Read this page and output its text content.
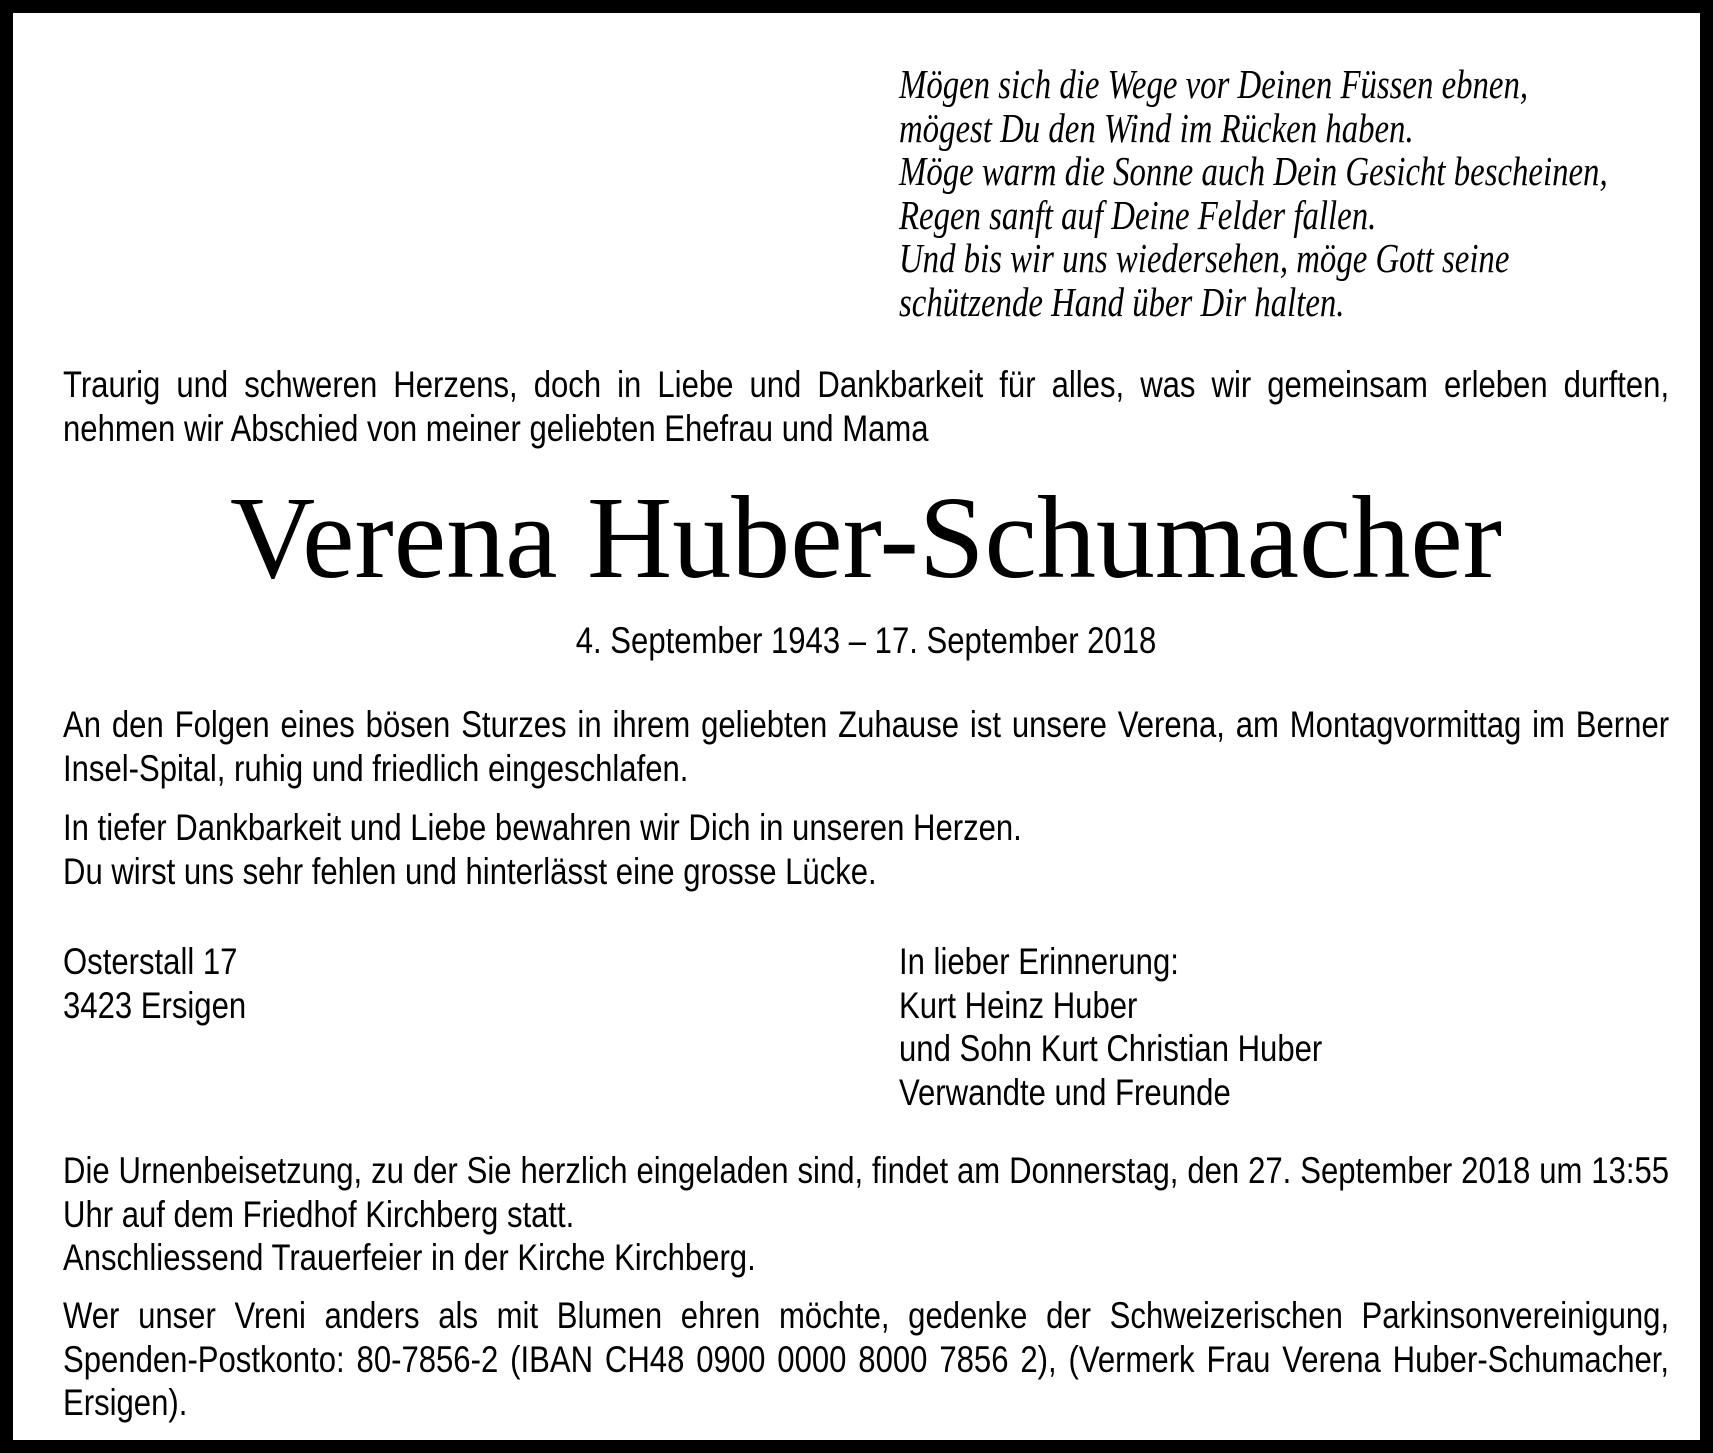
Mögen sich die Wege vor Deinen Füssen ebnen,
mögest Du den Wind im Rücken haben.
Möge warm die Sonne auch Dein Gesicht bescheinen,
Regen sanft auf Deine Felder fallen.
Und bis wir uns wiedersehen, möge Gott seine
schützende Hand über Dir halten.
Traurig und schweren Herzens, doch in Liebe und Dankbarkeit für alles, was wir gemeinsam erleben durften, nehmen wir Abschied von meiner geliebten Ehefrau und Mama
Verena Huber-Schumacher
4. September 1943 – 17. September 2018
An den Folgen eines bösen Sturzes in ihrem geliebten Zuhause ist unsere Verena, am Montagvormittag im Berner Insel-Spital, ruhig und friedlich eingeschlafen.
In tiefer Dankbarkeit und Liebe bewahren wir Dich in unseren Herzen.
Du wirst uns sehr fehlen und hinterlässt eine grosse Lücke.
Osterstall 17
3423 Ersigen
In lieber Erinnerung:
Kurt Heinz Huber
und Sohn Kurt Christian Huber
Verwandte und Freunde
Die Urnenbeisetzung, zu der Sie herzlich eingeladen sind, findet am Donnerstag, den 27. September 2018 um 13:55 Uhr auf dem Friedhof Kirchberg statt.
Anschliessend Trauerfeier in der Kirche Kirchberg.
Wer unser Vreni anders als mit Blumen ehren möchte, gedenke der Schweizerischen Parkinsonvereinigung, Spenden-Postkonto: 80-7856-2 (IBAN CH48 0900 0000 8000 7856 2), (Vermerk Frau Verena Huber-Schumacher, Ersigen).
